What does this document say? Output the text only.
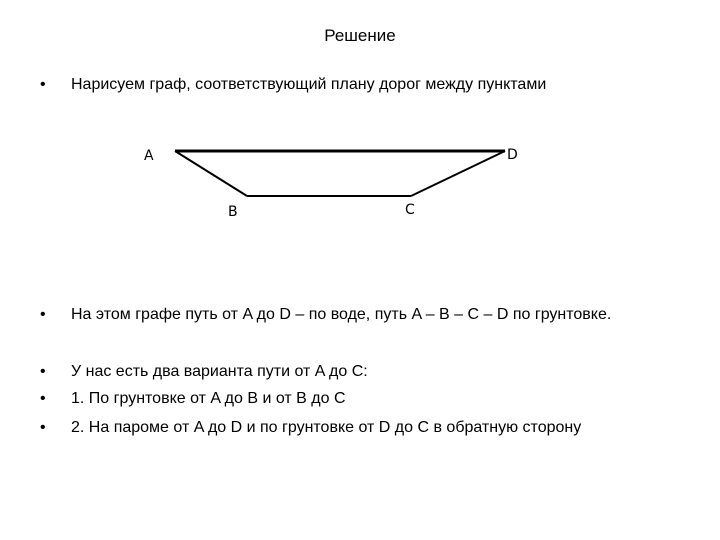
Решение
•	Нарисуем граф, соответствующий плану дорог между пунктами
A
B	C
D
•	На этом графе путь от A до D – по воде, путь A – B – C – D по грунтовке.
•	У нас есть два варианта пути от A до C:
•	1. По грунтовке от A до B и от B до C
•	2. На пароме от A до D и по грунтовке от D до C в обратную сторону
